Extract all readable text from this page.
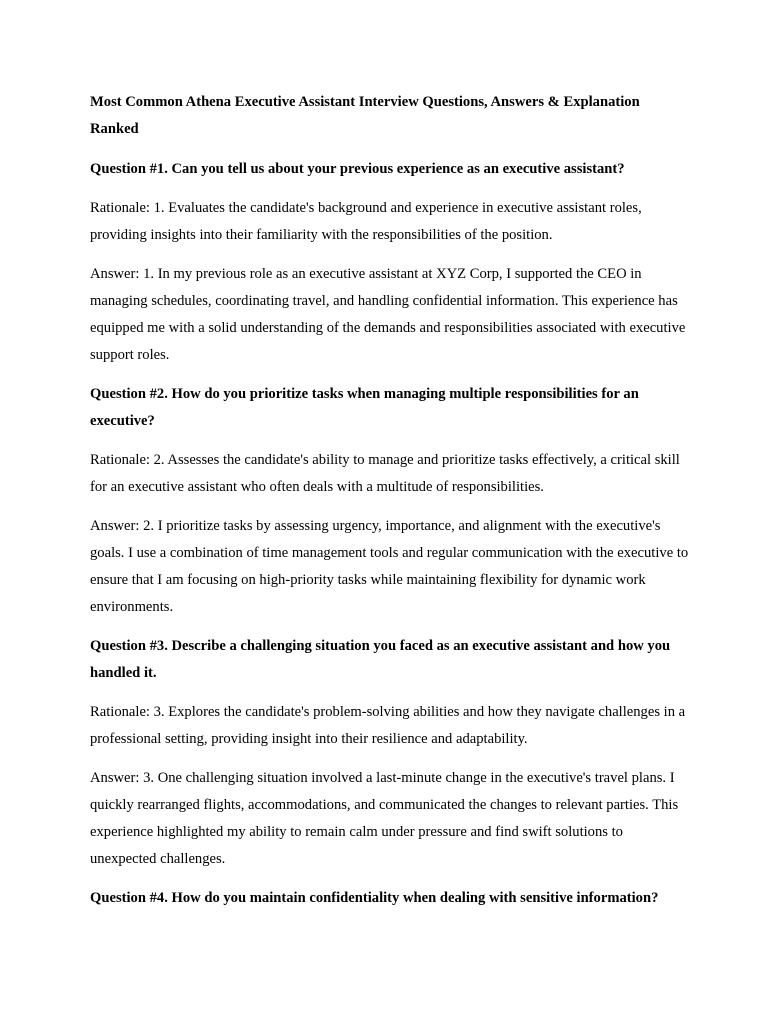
Most Common Athena Executive Assistant Interview Questions, Answers & Explanation Ranked

Question #1. Can you tell us about your previous experience as an executive assistant?

Rationale: 1. Evaluates the candidate's background and experience in executive assistant roles, providing insights into their familiarity with the responsibilities of the position.

Answer: 1. In my previous role as an executive assistant at XYZ Corp, I supported the CEO in managing schedules, coordinating travel, and handling confidential information. This experience has equipped me with a solid understanding of the demands and responsibilities associated with executive support roles.

Question #2. How do you prioritize tasks when managing multiple responsibilities for an executive?

Rationale: 2. Assesses the candidate's ability to manage and prioritize tasks effectively, a critical skill for an executive assistant who often deals with a multitude of responsibilities.

Answer: 2. I prioritize tasks by assessing urgency, importance, and alignment with the executive's goals. I use a combination of time management tools and regular communication with the executive to ensure that I am focusing on high-priority tasks while maintaining flexibility for dynamic work environments.

Question #3. Describe a challenging situation you faced as an executive assistant and how you handled it.

Rationale: 3. Explores the candidate's problem-solving abilities and how they navigate challenges in a professional setting, providing insight into their resilience and adaptability.

Answer: 3. One challenging situation involved a last-minute change in the executive's travel plans. I quickly rearranged flights, accommodations, and communicated the changes to relevant parties. This experience highlighted my ability to remain calm under pressure and find swift solutions to unexpected challenges.

Question #4. How do you maintain confidentiality when dealing with sensitive information?
